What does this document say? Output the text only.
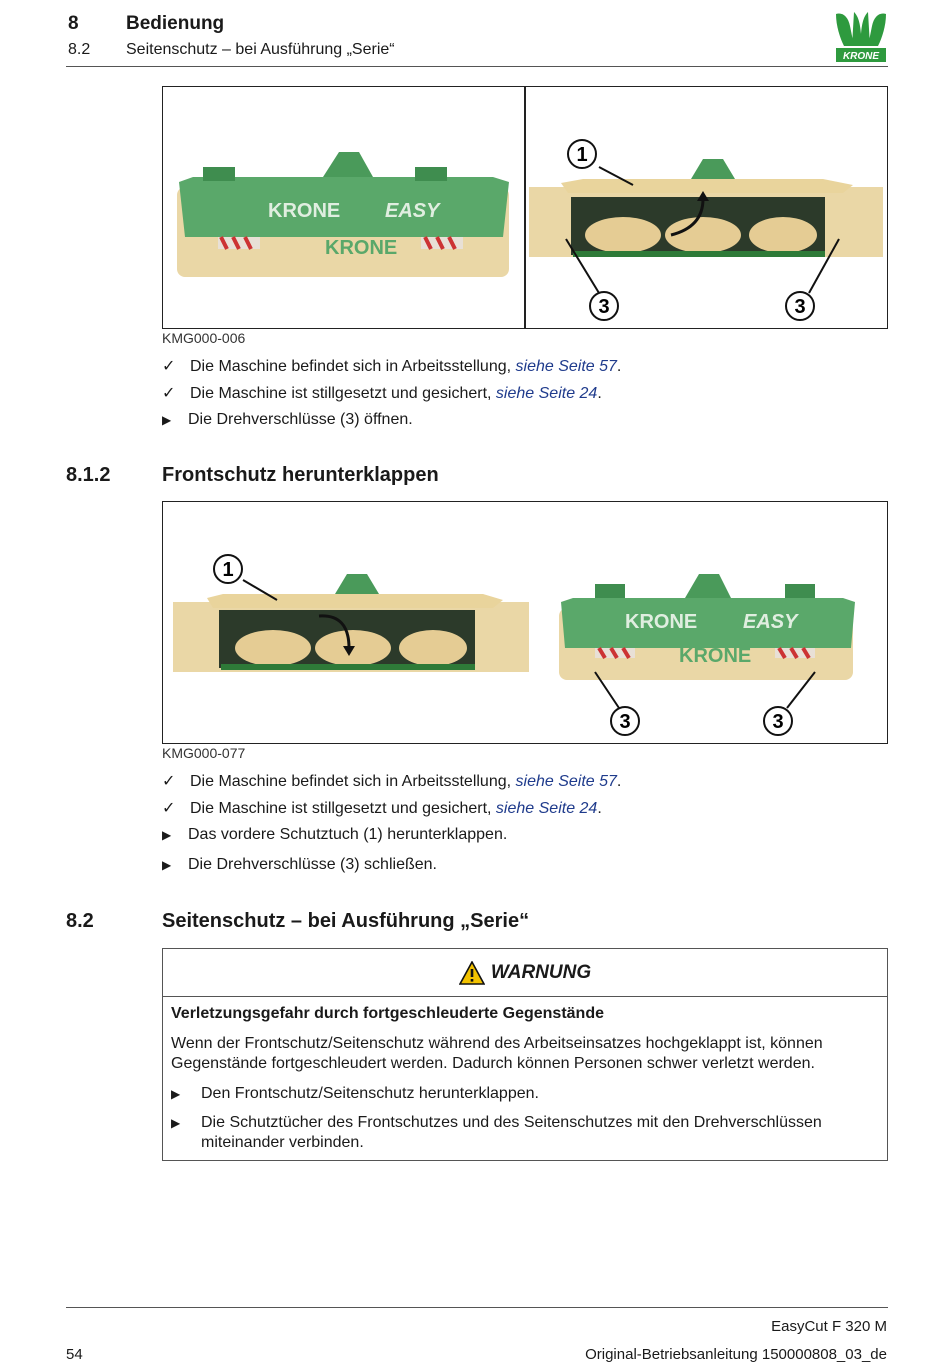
8 Bedienung
8.2 Seitenschutz – bei Ausführung „Serie“	KRONE
KRONE EASY
KRONE
1
3	3
KMG000-006
✓ Die Maschine befindet sich in Arbeitsstellung, siehe Seite 57.
✓ Die Maschine ist stillgesetzt und gesichert, siehe Seite 24.
▶ Die Drehverschlüsse (3) öffnen.
8.1.2	Frontschutz herunterklappen
KRONE EASY
KRONE
1
3	3
KMG000-077
✓ Die Maschine befindet sich in Arbeitsstellung, siehe Seite 57.
✓ Die Maschine ist stillgesetzt und gesichert, siehe Seite 24.
▶ Das vordere Schutztuch (1) herunterklappen.
▶ Die Drehverschlüsse (3) schließen.
8.2	Seitenschutz – bei Ausführung „Serie“
WARNUNG
Verletzungsgefahr durch fortgeschleuderte Gegenstände
Wenn der Frontschutz/Seitenschutz während des Arbeitseinsatzes hochgeklappt ist, können
Gegenstände fortgeschleudert werden. Dadurch können Personen schwer verletzt werden.
▶ Den Frontschutz/Seitenschutz herunterklappen.
▶ Die Schutztücher des Frontschutzes und des Seitenschutzes mit den Drehverschlüssen
miteinander verbinden.
EasyCut F 320 M
54	Original-Betriebsanleitung 150000808_03_de
